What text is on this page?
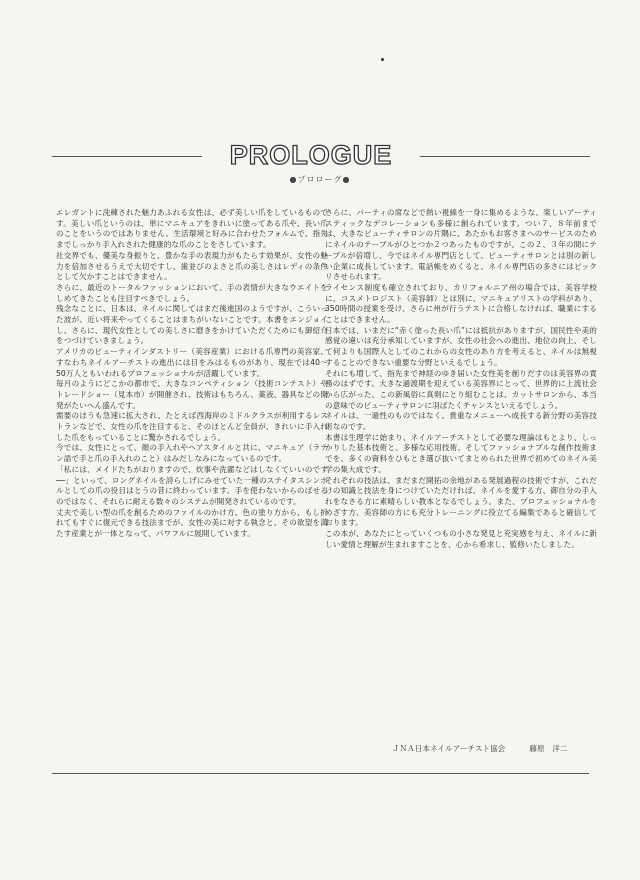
PROLOGUE
●プロローグ●

エレガントに洗練された魅力あふれる女性は、必ず美しい爪をしているものです。美しい爪というのは、単にマニキュアをきれいに塗ってある爪や、長い爪のことをいうのではありません。生活環境と好みに合わせたフォルムで、指先までしっかり手入れされた健康的な爪のことをさしています。

社交界でも、優美な身振りと、豊かな手の表現力がもたらす効果が、女性の魅力を倍加させるうえで大切ですし、歯並びのよさと爪の美しさはレディの条件として欠かすことはできません。

さらに、最近のトータルファッションにおいて、手の表情が大きなウエイトをしめてきたことも注目すべきでしょう。

残念なことに、日本は、ネイルに関してはまだ後進国のようですが、こういった波が、近い将来やってくることはまちがいないことです。本書をエンジョイし、さらに、現代女性としての美しさに磨きをかけていただくためにも御紹介をつづけていきましょう。

アメリカのビューティインダストリー（美容産業）における爪専門の美容家、すなわちネイルアーチストの進出には目をみはるものがあり、現在では40〜50万人ともいわれるプロフェッショナルが活躍しています。

毎月のようにどこかの都市で、大きなコンペティション（技術コンテスト）やトレードショー（見本市）が開催され、技術はもちろん、薬液、器具などの開発がたいへん盛んです。

需要のほうも急速に拡大され、たとえば西海岸のミドルクラスが利用するレストランなどで、女性の爪を注目すると、そのほとんど全員が、きれいに手入れした爪をもっていることに驚かされるでしょう。

今では、女性にとって、顔の手入れやヘアスタイルと共に、マニキュア（ラテン語で手と爪の手入れのこと）はみだしなみになっているのです。

「私には、メイドたちがおりますので、炊事や洗濯などはしなくていいのです──」といって、ロングネイルを誇らしげにみせていた一種のステイタスシンボルとしての爪の役目はとうの昔に終わっています。手を使わないからのばせるのではなく、それらに耐える数々のシステムが開発されているのです。

丈夫で美しい型の爪を創るためのファイルのかけ方、色の塗り方から、もし折れてもすぐに復元できる技法までが、女性の美に対する執念と、その欲望を満たす産業とが一体となって、パワフルに展開しています。

さらに、パーティの席などで熱い視線を一身に集めるような、楽しいアーティスティックなデコレーションも多様に創られています。つい７、８年前までは、大きなビューティサロンの片隅に、あたかもお客さまへのサービスのためにネイルのテーブルがひとつか２つあったものですが、この２、３年の間にテーブルが倍増し、今ではネイル専門店として、ビューティサロンとは別の新しい企業に成長しています。電話帳をめくると、ネイル専門店の多さにはビックリさせられます。

ライセンス制度も確立されており、カリフォルニア州の場合では、美容学校に、コスメトロジスト（美容師）とは別に、マニキュアリストの学科があり、350時間の授業を受け、さらに州が行うテストに合格しなければ、職業にすることはできません。

日本では、いまだに“赤く塗った長い爪”には抵抗がありますが、国民性や美的感覚の違いは充分承知していますが、女性の社会への進出、地位の向上、そして何よりも国際人としてのこれからの女性のあり方を考えると、ネイルは無視することのできない重要な分野といえるでしょう。

それにも増して、指先まで神経のゆき届いた女性美を創りだすのは美容界の責務のはずです。大きな過渡期を迎えている美容界にとって、世界的に上流社会から広がった、この新風俗に真剣にとり組むことは、カットサロンから、本当の意味でのビューティサロンに羽ばたくチャンスといえるでしょう。

ネイルは、一過性のものではなく、貴重なメニューへ成長する新分野の美容技術なのです。

本書は生理学に始まり、ネイルアーチストとして必要な理論はもとより、しっかりした基本技術と、多様な応用技術、そしてファッショナブルな創作技術までを、多くの資料をひもとき選び抜いてまとめられた世界で初めてのネイル美学の集大成です。

それぞれの技法は、まだまだ開拓の余地がある発展過程の技術ですが、これだけの知識と技法を身につけていただければ、ネイルを愛する方、御自分の手入れをなさる方に素晴らしい教本となるでしょう。また、プロフェッショナルをめざす方、美容師の方にも充分トレーニングに役立てる編集であると確信しております。

この本が、あなたにとっていくつもの小さな発見と充実感を与え、ネイルに新しい愛情と理解が生まれますことを、心から希求し、監修いたしました。

ＪＮＡ日本ネイルアーチスト協会	藤原　洋二
